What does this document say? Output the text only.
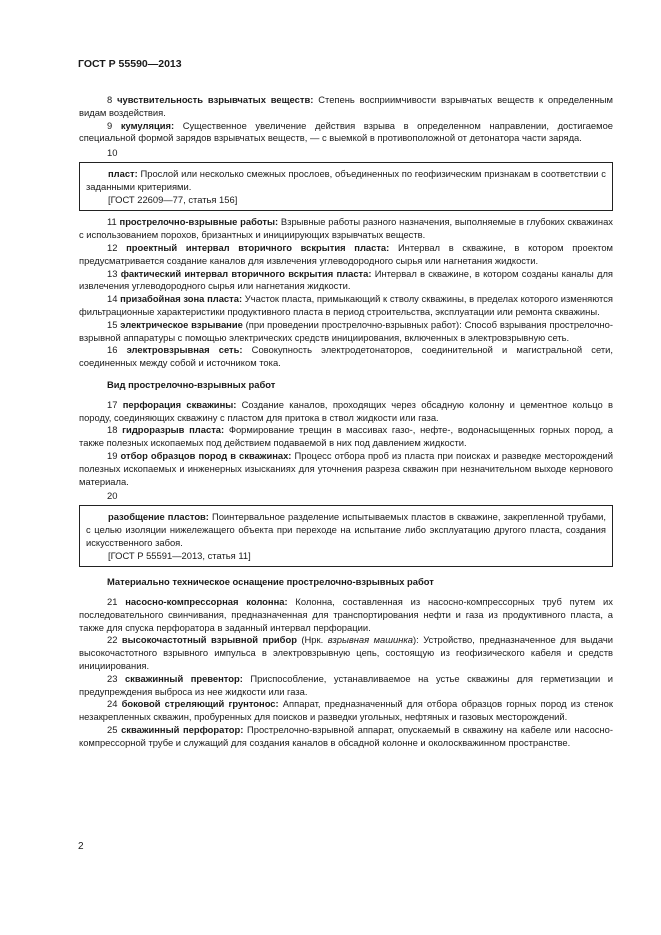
ГОСТ Р 55590—2013

8 чувствительность взрывчатых веществ: Степень восприимчивости взрывчатых веществ к определенным видам воздействия.

9 кумуляция: Существенное увеличение действия взрыва в определенном направлении, достигаемое специальной формой зарядов взрывчатых веществ, — с выемкой в противоположной от детонатора части заряда.

10

пласт: Прослой или несколько смежных прослоев, объединенных по геофизическим признакам в соответствии с заданными критериями.

[ГОСТ 22609—77, статья 156]

11 прострелочно-взрывные работы: Взрывные работы разного назначения, выполняемые в глубоких скважинах с использованием порохов, бризантных и инициирующих взрывчатых веществ.

12 проектный интервал вторичного вскрытия пласта: Интервал в скважине, в котором проектом предусматривается создание каналов для извлечения углеводородного сырья или нагнетания жидкости.

13 фактический интервал вторичного вскрытия пласта: Интервал в скважине, в котором созданы каналы для извлечения углеводородного сырья или нагнетания жидкости.

14 призабойная зона пласта: Участок пласта, примыкающий к стволу скважины, в пределах которого изменяются фильтрационные характеристики продуктивного пласта в период строительства, эксплуатации или ремонта скважины.

15 электрическое взрывание (при проведении прострелочно-взрывных работ): Способ взрывания прострелочно-взрывной аппаратуры с помощью электрических средств инициирования, включенных в электровзрывную сеть.

16 электровзрывная сеть: Совокупность электродетонаторов, соединительной и магистральной сети, соединенных между собой и источником тока.

Вид прострелочно-взрывных работ

17 перфорация скважины: Создание каналов, проходящих через обсадную колонну и цементное кольцо в породу, соединяющих скважину с пластом для притока в ствол жидкости или газа.

18 гидроразрыв пласта: Формирование трещин в массивах газо-, нефте-, водонасыщенных горных пород, а также полезных ископаемых под действием подаваемой в них под давлением жидкости.

19 отбор образцов пород в скважинах: Процесс отбора проб из пласта при поисках и разведке месторождений полезных ископаемых и инженерных изысканиях для уточнения разреза скважин при незначительном выходе кернового материала.

20

разобщение пластов: Поинтервальное разделение испытываемых пластов в скважине, закрепленной трубами, с целью изоляции нижележащего объекта при переходе на испытание либо эксплуатацию другого пласта, создания искусственного забоя.

[ГОСТ Р 55591—2013, статья 11]

Материально техническое оснащение прострелочно-взрывных работ

21 насосно-компрессорная колонна: Колонна, составленная из насосно-компрессорных труб путем их последовательного свинчивания, предназначенная для транспортирования нефти и газа из продуктивного пласта, а также для спуска перфоратора в заданный интервал перфорации.

22 высокочастотный взрывной прибор (Нрк. взрывная машинка): Устройство, предназначенное для выдачи высокочастотного взрывного импульса в электровзрывную цепь, состоящую из геофизического кабеля и средств инициирования.

23 скважинный превентор: Приспособление, устанавливаемое на устье скважины для герметизации и предупреждения выброса из нее жидкости или газа.

24 боковой стреляющий грунтонос: Аппарат, предназначенный для отбора образцов горных пород из стенок незакрепленных скважин, пробуренных для поисков и разведки угольных, нефтяных и газовых месторождений.

25 скважинный перфоратор: Прострелочно-взрывной аппарат, опускаемый в скважину на кабеле или насосно-компрессорной трубе и служащий для создания каналов в обсадной колонне и околоскважинном пространстве.

2
